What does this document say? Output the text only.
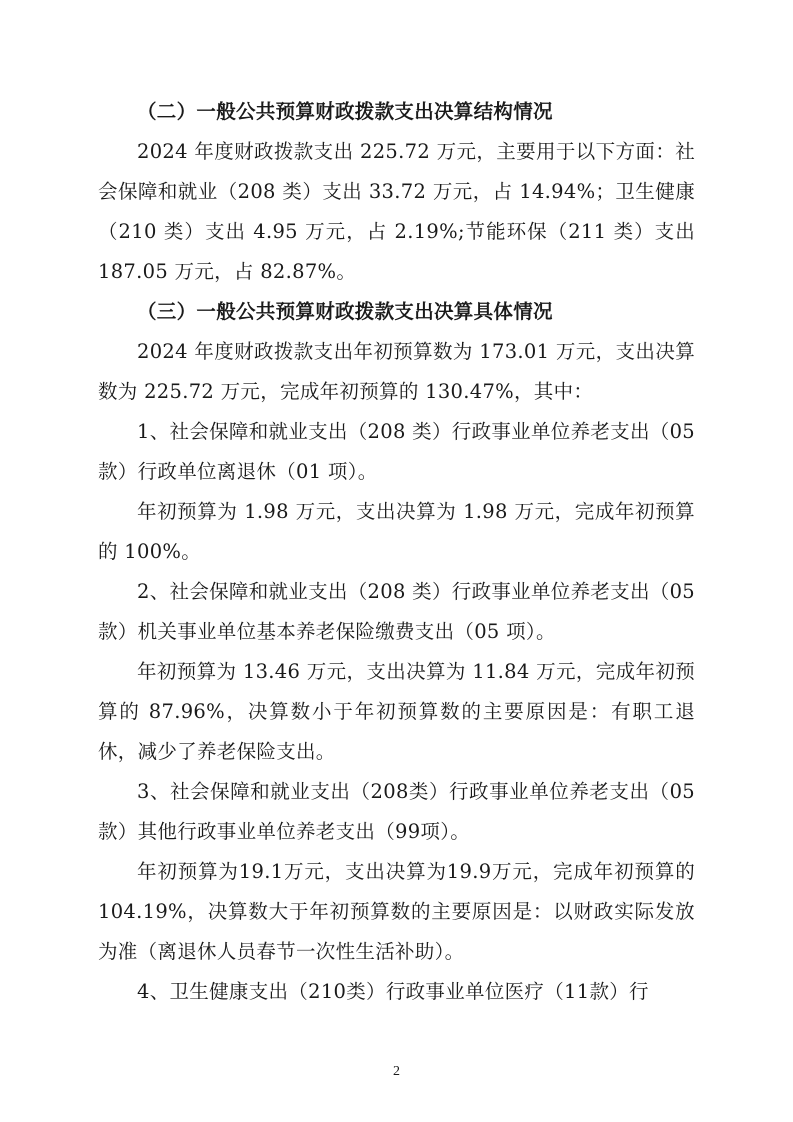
（二）一般公共预算财政拨款支出决算结构情况

2024 年度财政拨款支出 225.72 万元，主要用于以下方面：社会保障和就业（208 类）支出 33.72 万元，占 14.94%；卫生健康（210 类）支出 4.95 万元，占 2.19%;节能环保（211 类）支出 187.05 万元，占 82.87%。

（三）一般公共预算财政拨款支出决算具体情况

2024 年度财政拨款支出年初预算数为 173.01 万元，支出决算数为 225.72 万元，完成年初预算的 130.47%，其中：

1、社会保障和就业支出（208 类）行政事业单位养老支出（05 款）行政单位离退休（01 项）。

年初预算为 1.98 万元，支出决算为 1.98 万元，完成年初预算的 100%。

2、社会保障和就业支出（208 类）行政事业单位养老支出（05 款）机关事业单位基本养老保险缴费支出（05 项）。

年初预算为 13.46 万元，支出决算为 11.84 万元，完成年初预算的 87.96%，决算数小于年初预算数的主要原因是：有职工退休，减少了养老保险支出。

3、社会保障和就业支出（208类）行政事业单位养老支出（05款）其他行政事业单位养老支出（99项）。

年初预算为19.1万元，支出决算为19.9万元，完成年初预算的104.19%，决算数大于年初预算数的主要原因是：以财政实际发放为准（离退休人员春节一次性生活补助）。

4、卫生健康支出（210类）行政事业单位医疗（11款）行

2
